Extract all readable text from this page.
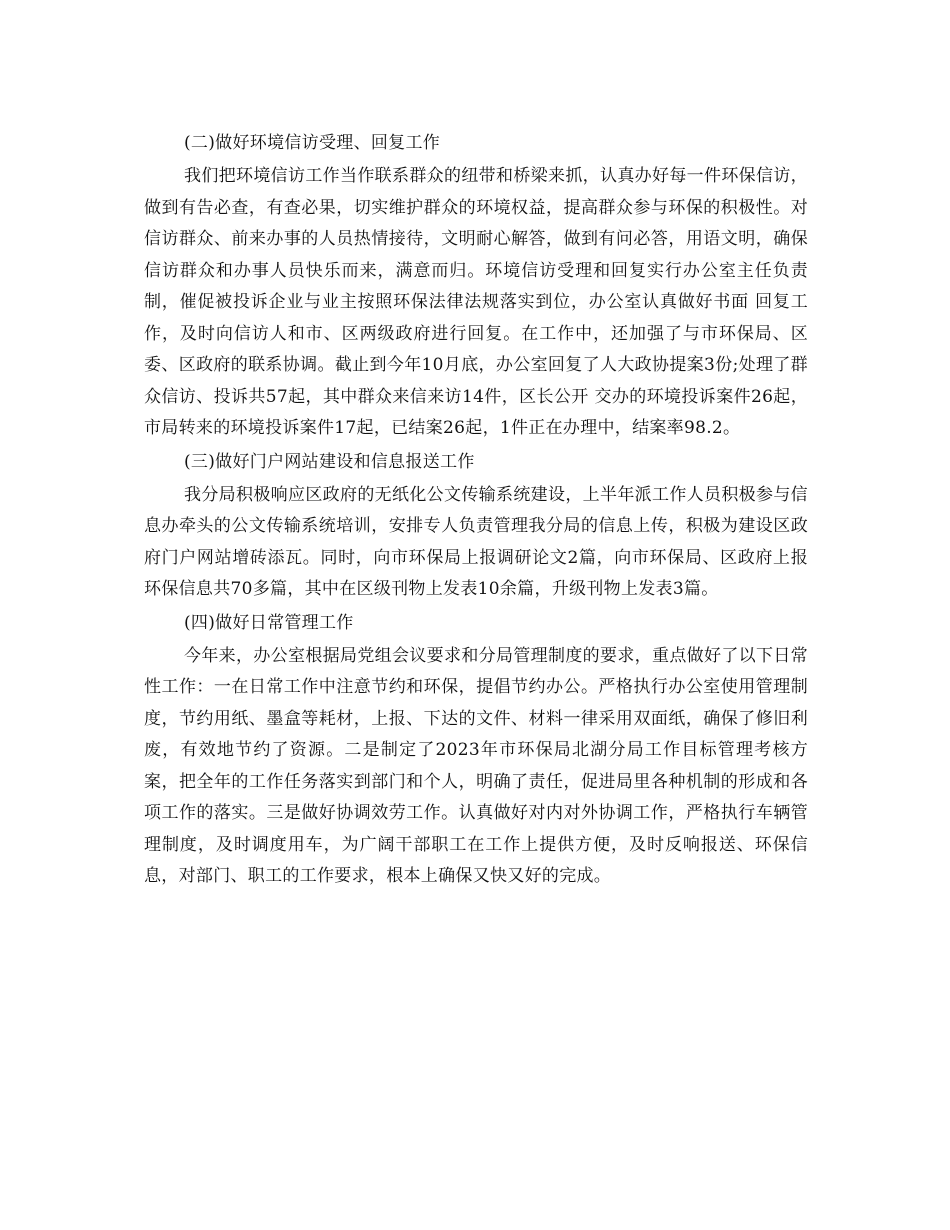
(二)做好环境信访受理、回复工作

我们把环境信访工作当作联系群众的纽带和桥梁来抓，认真办好每一件环保信访，做到有告必查，有查必果，切实维护群众的环境权益，提高群众参与环保的积极性。对信访群众、前来办事的人员热情接待，文明耐心解答，做到有问必答，用语文明，确保信访群众和办事人员快乐而来，满意而归。环境信访受理和回复实行办公室主任负责制，催促被投诉企业与业主按照环保法律法规落实到位，办公室认真做好书面 回复工作，及时向信访人和市、区两级政府进行回复。在工作中，还加强了与市环保局、区委、区政府的联系协调。截止到今年10月底，办公室回复了人大政协提案3份;处理了群众信访、投诉共57起，其中群众来信来访14件，区长公开 交办的环境投诉案件26起，市局转来的环境投诉案件17起，已结案26起，1件正在办理中，结案率98.2。

(三)做好门户网站建设和信息报送工作

我分局积极响应区政府的无纸化公文传输系统建设，上半年派工作人员积极参与信息办牵头的公文传输系统培训，安排专人负责管理我分局的信息上传，积极为建设区政府门户网站增砖添瓦。同时，向市环保局上报调研论文2篇，向市环保局、区政府上报环保信息共70多篇，其中在区级刊物上发表10余篇，升级刊物上发表3篇。

(四)做好日常管理工作

今年来，办公室根据局党组会议要求和分局管理制度的要求，重点做好了以下日常性工作：一在日常工作中注意节约和环保，提倡节约办公。严格执行办公室使用管理制度，节约用纸、墨盒等耗材，上报、下达的文件、材料一律采用双面纸，确保了修旧利废，有效地节约了资源。二是制定了2023年市环保局北湖分局工作目标管理考核方案，把全年的工作任务落实到部门和个人，明确了责任，促进局里各种机制的形成和各项工作的落实。三是做好协调效劳工作。认真做好对内对外协调工作，严格执行车辆管理制度，及时调度用车，为广阔干部职工在工作上提供方便，及时反响报送、环保信息，对部门、职工的工作要求，根本上确保又快又好的完成。
